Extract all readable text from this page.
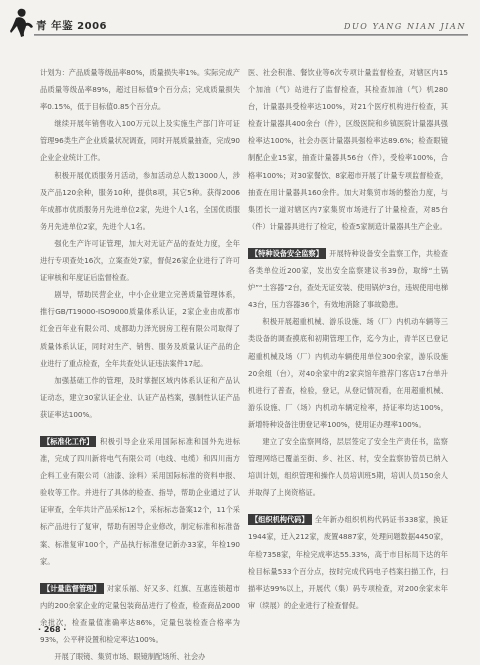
青 年鉴 2006	DUO YANG NIAN JIAN

计划为：产品质量等级品率80%，质量损失率1%。实际完成产品质量等级品率89%，超过目标值9个百分点；完成质量损失率0.15%，低于目标值0.85个百分点。

继续开展年销售收入100万元以上及实施生产部门许可证管理96类生产企业质量状况调查，同时开展质量抽查，完成90企业企业统计工作。

积极开展优质服务月活动，参加活动总人数13000人，涉及产品120余种，服务10种，提供8项，其它5种。获得2006年成都市优质服务月先进单位2家，先进个人1名，全国优质服务月先进单位2家，先进个人1名。

强化生产许可证管理，加大对无证产品的查处力度，全年进行专项查处16次，立案查处7家，督促26家企业进行了许可证审核和年度证后监督检查。

剧导，帮助民营企业，中小企业建立完善质量管理体系，推行GB/T19000-ISO9000质量体系认证，2家企业由成都市红金百年业有限公司、成都助力泽光厨房工程有限公司取得了质量体系认证，同时对生产、销售、服务及质量认证产品的企业进行了重点检查，全年共查处认证违法案件17起。

加强基础工作的管理，及时掌握区域内体系认证和产品认证动态，建立30家认证企业、认证产品档案，强制性认证产品获证率达100%。

【标准化工作】 积极引导企业采用国际标准和国外先进标准，完成了四川新将电气有限公司（电线、电缆）和四川南方企料工业有限公司（油漆、涂料）采用国际标准的资料申报、验收等工作。并进行了具体的检查、指导，帮助企业通过了认证审查，全年共计产品采标12个，采标标志备案12个，11个采标产品进行了复审，帮助有困导企业修改，制定标准和标准备案、标准复审100个，产品执行标准登记新办33家，年检190家。

【计量监督管理】 对家乐福、好又多、红旗、互惠连锁超市内的200余家企业的定量包装商品进行了检查，检查商品2000余批次，检查量值准确率达86%，定量包装检查合格率为93%，公平秤设置和检定率达100%。

开展了眼镜、集贸市场、眼镜制配场所、社会办

医、社会积准、餐饮业等6次专项计量监督检查，对辖区内15个加油（气）站进行了监督检查，其检查加油（气）机280台，计量器具受检率达100%，对21个医疗机构进行检查，其检查计量器具400余台（件），区级医院和乡镇医院计量器具强检率达100%，社会办医计量器具强检率达89.6%；检查眼镜制配企业15家，抽查计量器具56台（件），受检率100%，合格率100%；对30家餐饮、8家超市开展了计量专项监督检查，抽查在用计量器具160余件。加大对集贸市场的整治力度，与集团长一道对辖区内7家集贸市场进行了计量检查，对85台（件）计量器具进行了检定，检查5家制造计量器具生产企业。

【特种设备安全监察】 开展特种设备安全监察工作，共检查各类单位近200家，发出安全监察建议书39份，取缔“土锅炉”“土容器”2台，查处无证安装、使用锅炉3台，违规使用电梯43台，压力容器36个，有效地消除了事故隐患。

积极开展超重机械、游乐设施、场（厂）内机动车辆等三类设备的调查摸底和初期管理工作，迄今为止，青羊区已登记超重机械及场（厂）内机动车辆使用单位300余家，游乐设施20余组（台），对40余家中的2家宾馆年推荐门客店17台单升机进行了普查，检验，登记，从登记情况看，在用超重机械、游乐设施、厂（场）内机动车辆定检率，持证率均达100%，新增特种设备注册登记率100%，使用证办理率100%。

建立了安全监察网络，层层签定了安全生产责任书，监察管理网络已覆盖至街、乡、社区、村，安全监察协管员已纳入培训计划，组织管理和操作人员培训班5期，培训人员150余人并取得了上岗资格证。

【组织机构代码】 全年新办组织机构代码证书338家，换证1944家，迁入212家，废置4887家，处理问题数据4450家，年检7358家，年检完成率达55.33%，高于市目标局下达的年检目标量533个百分点，按时完成代码电子档案扫描工作，扫描率达99%以上，开展代（集）码专项检查，对200余家未年审（续展）的企业进行了检查督促。

· 268 ·
